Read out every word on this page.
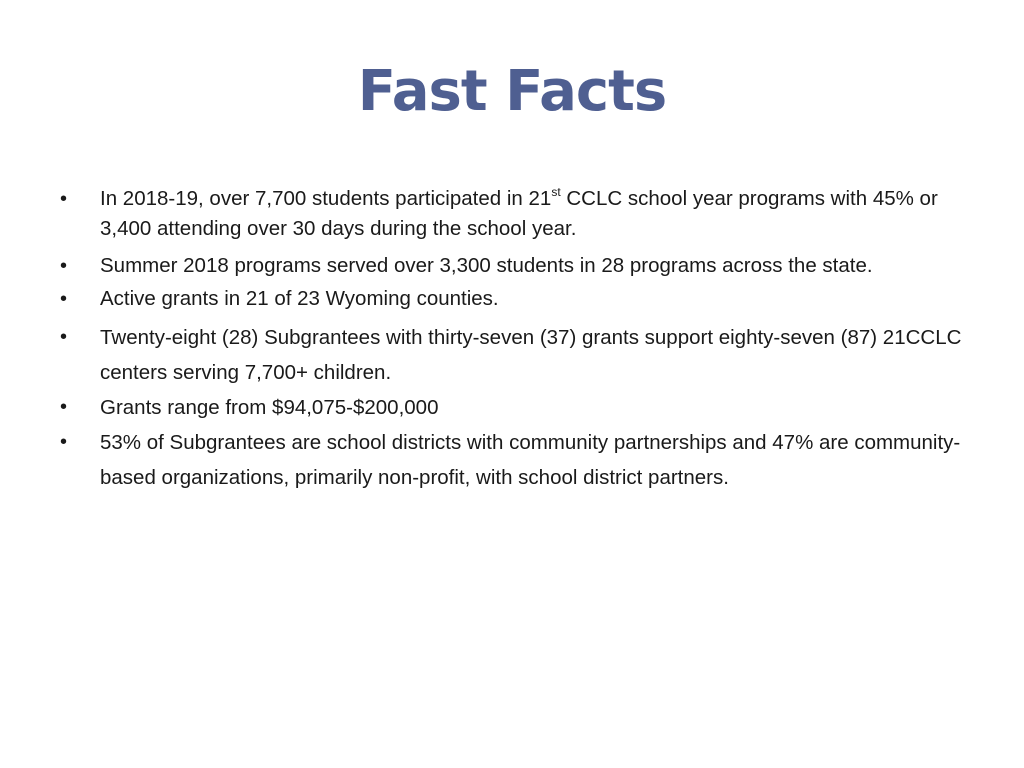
Fast Facts
• In 2018-19, over 7,700 students participated in 21st CCLC school year programs with 45% or 3,400 attending over 30 days during the school year.
• Summer 2018 programs served over 3,300 students in 28 programs across the state.
• Active grants in 21 of 23 Wyoming counties.
• Twenty-eight (28) Subgrantees with thirty-seven (37) grants support eighty-seven (87) 21CCLC centers serving 7,700+ children.
• Grants range from $94,075-$200,000
• 53% of Subgrantees are school districts with community partnerships and 47% are community-based organizations, primarily non-profit, with school district partners.
